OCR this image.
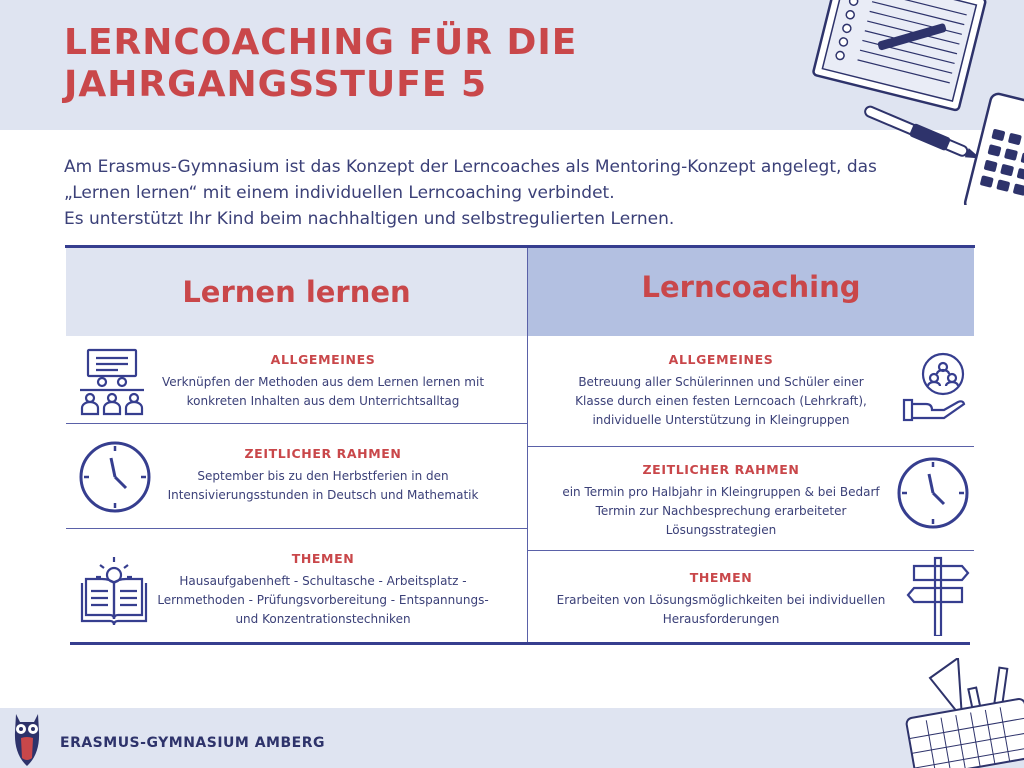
LERNCOACHING FÜR DIE
JAHRGANGSSTUFE 5

Am Erasmus-Gymnasium ist das Konzept der Lerncoaches als Mentoring-Konzept angelegt, das

„Lernen lernen“ mit einem individuellen Lerncoaching verbindet.

Es unterstützt Ihr Kind beim nachhaltigen und selbstregulierten Lernen.

Lernen lernen	Lerncoaching
ALLGEMEINES

Verknüpfen der Methoden aus dem Lernen lernen mit

konkreten Inhalten aus dem Unterrichtsalltag

ZEITLICHER RAHMEN

September bis zu den Herbstferien in den

Intensivierungsstunden in Deutsch und Mathematik

THEMEN

Hausaufgabenheft - Schultasche - Arbeitsplatz -

Lernmethoden - Prüfungsvorbereitung - Entspannungs-

und Konzentrationstechniken

ALLGEMEINES

Betreuung aller Schülerinnen und Schüler einer

Klasse durch einen festen Lerncoach (Lehrkraft),

individuelle Unterstützung in Kleingruppen

ZEITLICHER RAHMEN

ein Termin pro Halbjahr in Kleingruppen & bei Bedarf

Termin zur Nachbesprechung erarbeiteter

Lösungsstrategien

THEMEN

Erarbeiten von Lösungsmöglichkeiten bei individuellen

Herausforderungen

ERASMUS-GYMNASIUM AMBERG
